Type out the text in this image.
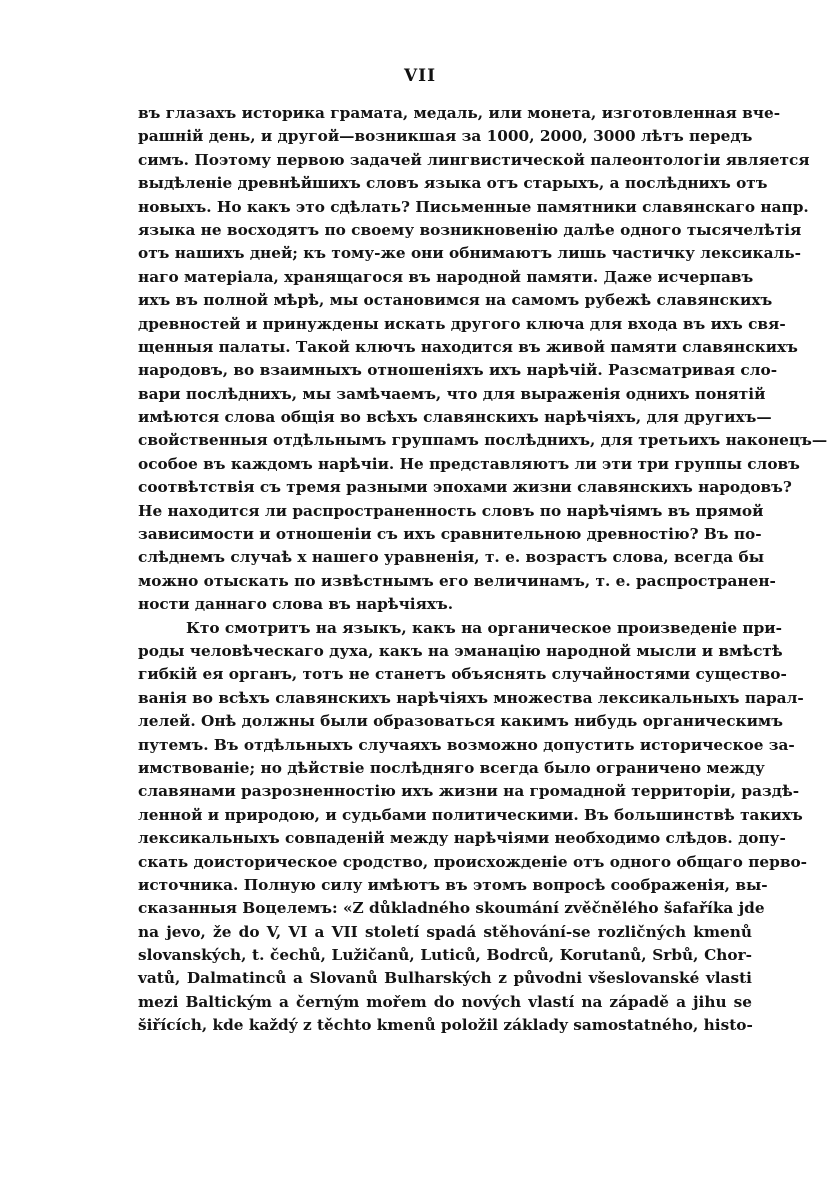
VII
въ глазахъ историка грамата, медаль, или монета, изготовленная вче-
рашній день, и другой—возникшая за 1000, 2000, 3000 лѣтъ передъ
симъ. Поэтому первою задачей лингвистической палеонтологіи является
выдѣленіе древнѣйшихъ словъ языка отъ старыхъ, а послѣднихъ отъ
новыхъ. Но какъ это сдѣлать? Письменные памятники славянскаго напр.
языка не восходятъ по своему возникновенію далѣе одного тысячелѣтія
отъ нашихъ дней; къ тому-же они обнимаютъ лишь частичку лексикаль-
наго матеріала, хранящагося въ народной памяти. Даже исчерпавъ
ихъ въ полной мѣрѣ, мы остановимся на самомъ рубежѣ славянскихъ
древностей и принуждены искать другого ключа для входа въ ихъ свя-
щенныя палаты. Такой ключъ находится въ живой памяти славянскихъ
народовъ, во взаимныхъ отношеніяхъ ихъ нарѣчій. Разсматривая сло-
вари послѣднихъ, мы замѣчаемъ, что для выраженія однихъ понятій
имѣются слова общія во всѣхъ славянскихъ нарѣчіяхъ, для другихъ—
свойственныя отдѣльнымъ группамъ послѣднихъ, для третьихъ наконецъ—
особое въ каждомъ нарѣчіи. Не представляютъ ли эти три группы словъ
соотвѣтствія съ тремя разными эпохами жизни славянскихъ народовъ?
Не находится ли распространенность словъ по нарѣчіямъ въ прямой
зависимости и отношеніи съ ихъ сравнительною древностію? Въ по-
слѣднемъ случаѣ x нашего уравненія, т. е. возрастъ слова, всегда бы
можно отыскать по извѣстнымъ его величинамъ, т. е. распространен-
ности даннаго слова въ нарѣчіяхъ.
Кто смотритъ на языкъ, какъ на органическое произведеніе при-
роды человѣческаго духа, какъ на эманацію народной мысли и вмѣстѣ
гибкій ея органъ, тотъ не станетъ объяснять случайностями существо-
ванія во всѣхъ славянскихъ нарѣчіяхъ множества лексикальныхъ парал-
лелей. Онѣ должны были образоваться какимъ нибудь органическимъ
путемъ. Въ отдѣльныхъ случаяхъ возможно допустить историческое за-
имствованіе; но дѣйствіе послѣдняго всегда было ограничено между
славянами разрозненностію ихъ жизни на громадной территоріи, раздѣ-
ленной и природою, и судьбами политическими. Въ большинствѣ такихъ
лексикальныхъ совпаденій между нарѣчіями необходимо слѣдов. допу-
скать доисторическое сродство, происхожденіе отъ одного общаго перво-
источника. Полную силу имѣютъ въ этомъ вопросѣ соображенія, вы-
сказанныя Воцелемъ: «Z důkladného skoumání zvěčnělého šafaříka jde
na jevo, že do V, VI a VII století spadá stěhování-se rozličných kmenů
slovanských, t. čechů, Lužičanů, Luticů, Bodrců, Korutanů, Srbů, Chor-
vatů, Dalmatinců a Slovanů Bulharských z původni všeslovanské vlasti
mezi Baltickým a černým mořem do nových vlastí na západě a jihu se
šiřících, kde každý z těchto kmenů položil základy samostatného, histo-
